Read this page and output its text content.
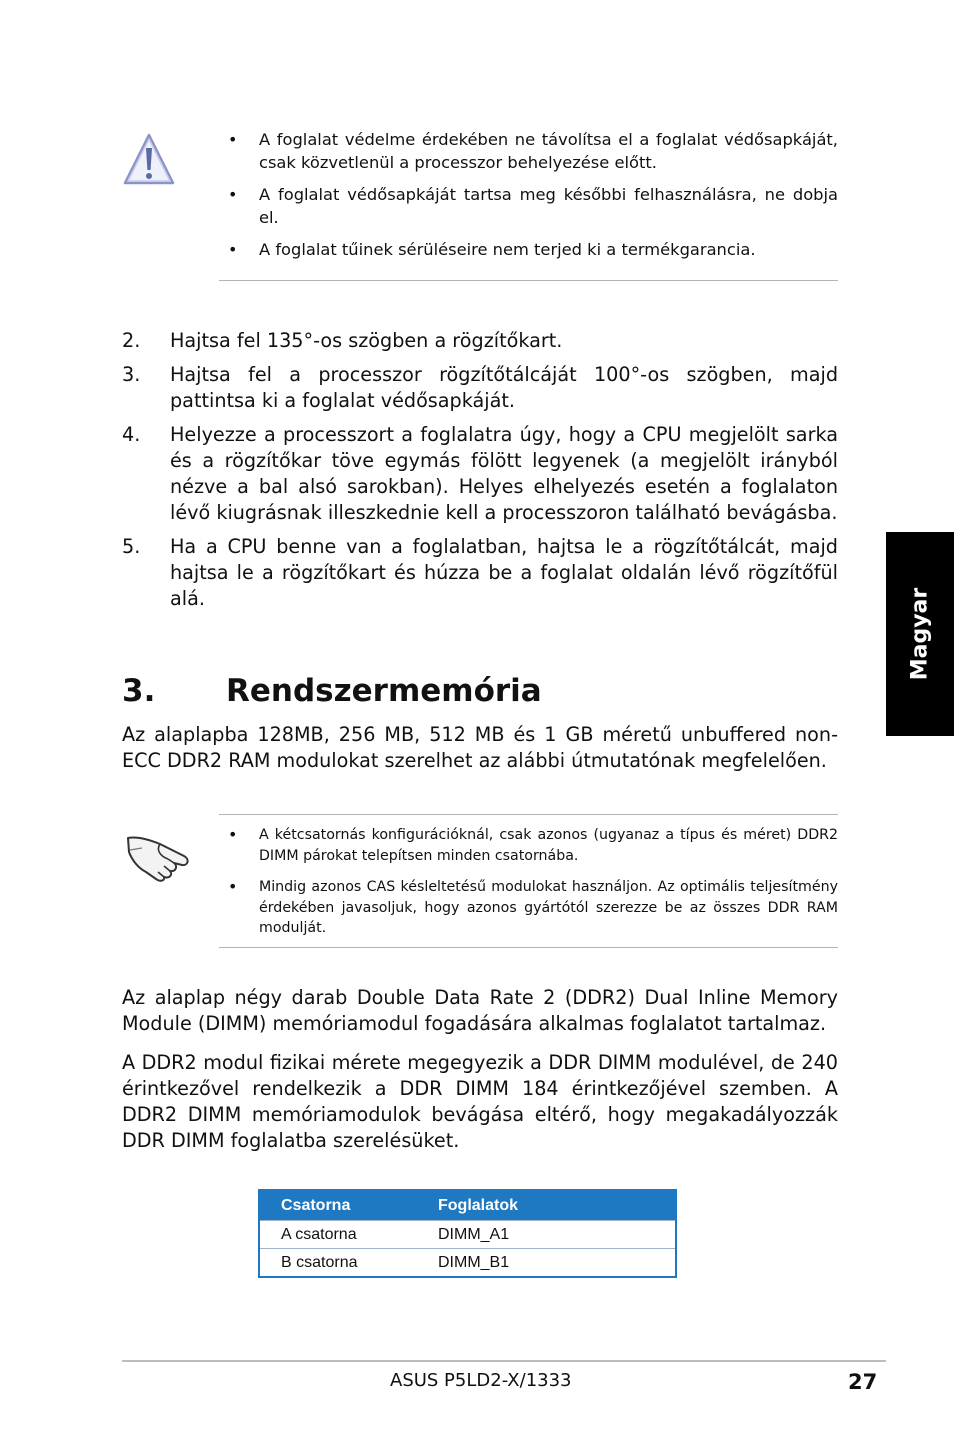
• A foglalat védelme érdekében ne távolítsa el a foglalat védősapkáját, csak közvetlenül a processzor behelyezése előtt.
• A foglalat védősapkáját tartsa meg későbbi felhasználásra, ne dobja el.
• A foglalat tűinek sérüléseire nem terjed ki a termékgarancia.
2. Hajtsa fel 135°-os szögben a rögzítőkart.
3. Hajtsa fel a processzor rögzítőtálcáját 100°-os szögben, majd pattintsa ki a foglalat védősapkáját.
4. Helyezze a processzort a foglalatra úgy, hogy a CPU megjelölt sarka és a rögzítőkar töve egymás fölött legyenek (a megjelölt irányból nézve a bal alsó sarokban). Helyes elhelyezés esetén a foglalaton lévő kiugrásnak illeszkednie kell a processzoron található bevágásba.
5. Ha a CPU benne van a foglalatban, hajtsa le a rögzítőtálcát, majd hajtsa le a rögzítőkart és húzza be a foglalat oldalán lévő rögzítőfül alá.
3. Rendszermemória

Az alaplapba 128MB, 256 MB, 512 MB és 1 GB méretű unbuffered non-ECC DDR2 RAM modulokat szerelhet az alábbi útmutatónak megfelelően.

• A kétcsatornás konfigurációknál, csak azonos (ugyanaz a típus és méret) DDR2 DIMM párokat telepítsen minden csatornába.
• Mindig azonos CAS késleltetésű modulokat használjon. Az optimális teljesítmény érdekében javasoljuk, hogy azonos gyártótól szerezze be az összes DDR RAM modulját.

Az alaplap négy darab Double Data Rate 2 (DDR2) Dual Inline Memory Module (DIMM) memóriamodul fogadására alkalmas foglalatot tartalmaz.

A DDR2 modul fizikai mérete megegyezik a DDR DIMM modulével, de 240 érintkezővel rendelkezik a DDR DIMM 184 érintkezőjével szemben. A DDR2 DIMM memóriamodulok bevágása eltérő, hogy megakadályozzák DDR DIMM foglalatba szerelésüket.

Csatorna	Foglalatok
A csatorna	DIMM_A1
B csatorna	DIMM_B1
Magyar
ASUS P5LD2-X/1333	27
